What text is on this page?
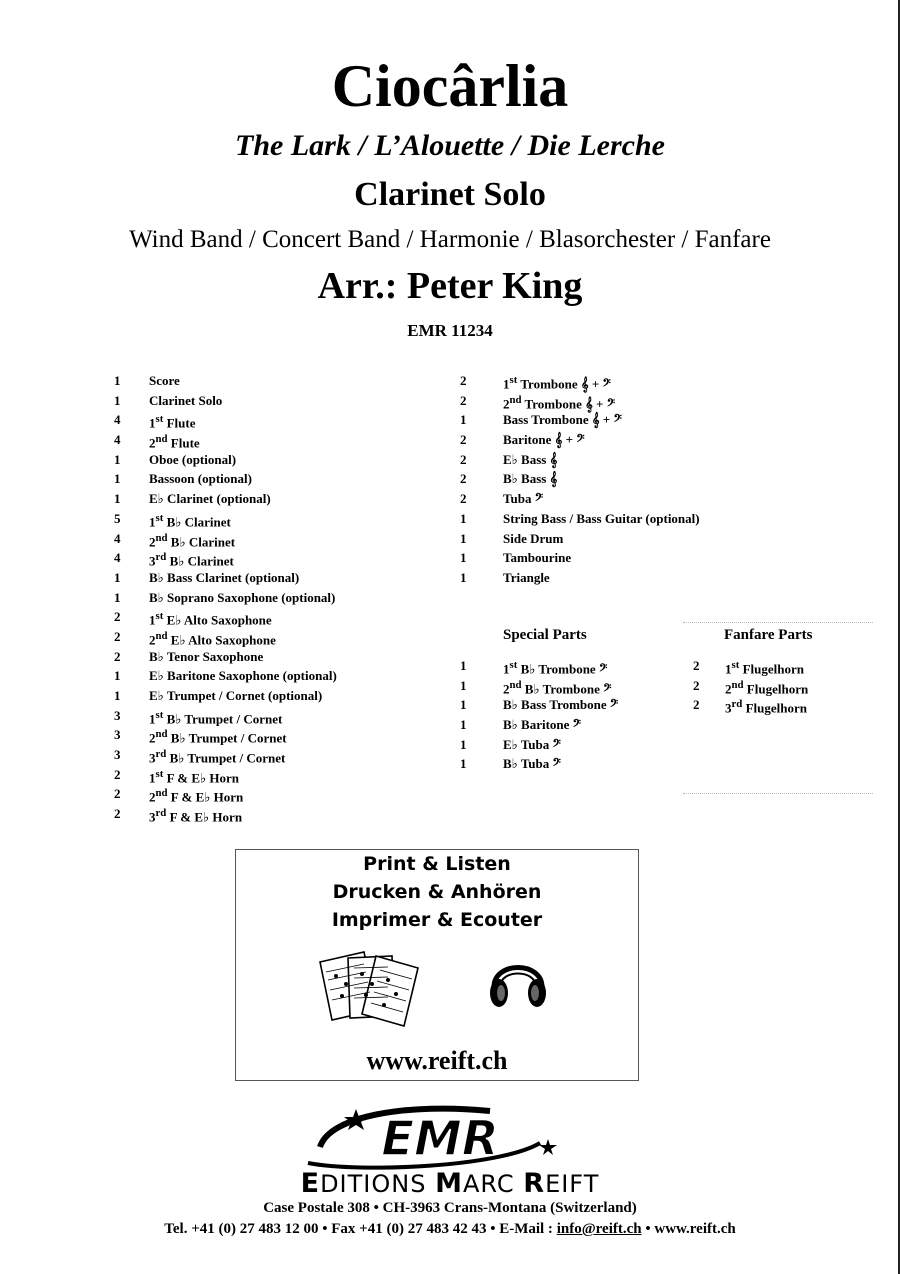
Ciocârlia
The Lark / L’Alouette / Die Lerche
Clarinet Solo
Wind Band / Concert Band / Harmonie / Blasorchester / Fanfare
Arr.: Peter King
EMR 11234
1 Score
1 Clarinet Solo
4 1st Flute
4 2nd Flute
1 Oboe (optional)
1 Bassoon (optional)
1 E♭ Clarinet (optional)
5 1st B♭ Clarinet
4 2nd B♭ Clarinet
4 3rd B♭ Clarinet
1 B♭ Bass Clarinet (optional)
1 B♭ Soprano Saxophone (optional)
2 1st E♭ Alto Saxophone
2 2nd E♭ Alto Saxophone
2 B♭ Tenor Saxophone
1 E♭ Baritone Saxophone (optional)
1 E♭ Trumpet / Cornet (optional)
3 1st B♭ Trumpet / Cornet
3 2nd B♭ Trumpet / Cornet
3 3rd B♭ Trumpet / Cornet
2 1st F & E♭ Horn
2 2nd F & E♭ Horn
2 3rd F & E♭ Horn
2	1st Trombone 𝄞 + 𝄢
2	2nd Trombone 𝄞 + 𝄢
1	Bass Trombone 𝄞 + 𝄢
2	Baritone 𝄞 + 𝄢
2	E♭ Bass 𝄞
2	B♭ Bass 𝄞
2	Tuba 𝄢
1	String Bass / Bass Guitar (optional)
1	Side Drum
1	Tambourine
1	Triangle
Special Parts
1	1st B♭ Trombone 𝄢
1	2nd B♭ Trombone 𝄢
1	B♭ Bass Trombone 𝄢
1	B♭ Baritone 𝄢
1	E♭ Tuba 𝄢
1	B♭ Tuba 𝄢
Fanfare Parts
2 1st Flugelhorn
2 2nd Flugelhorn
2 3rd Flugelhorn
Print & Listen
Drucken & Anhören
Imprimer & Ecouter
www.reift.ch
EMR
EDITIONS MARC REIFT
Case Postale 308 • CH-3963 Crans-Montana (Switzerland)
Tel. +41 (0) 27 483 12 00 • Fax +41 (0) 27 483 42 43 • E-Mail : info@reift.ch • www.reift.ch
